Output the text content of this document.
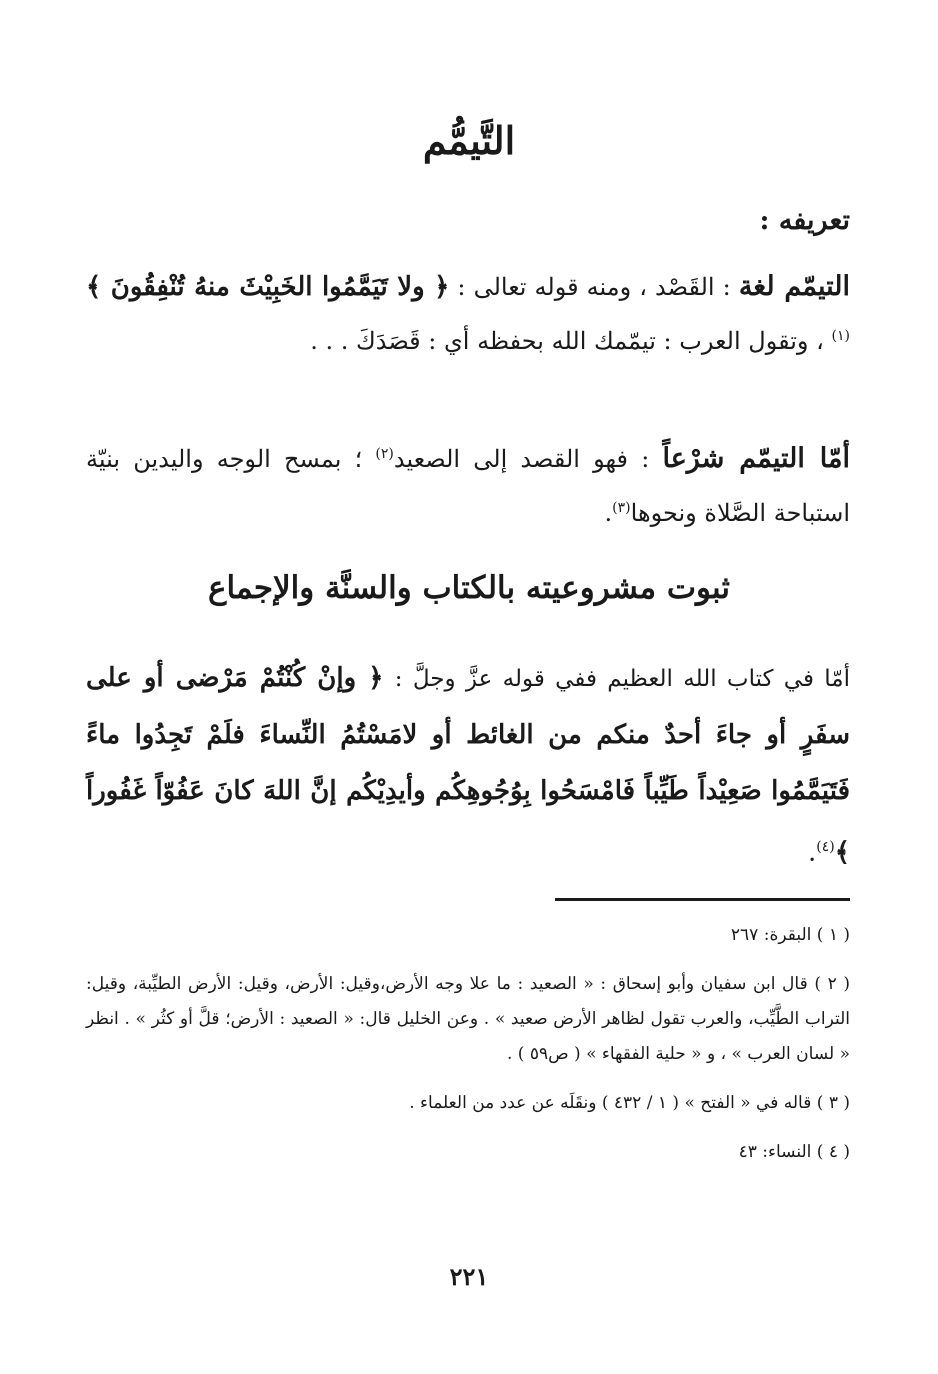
التَّيمُّم
تعريفه :

التيمّم لغة : القَصْد ، ومنه قوله تعالى : ﴿ ولا تَيَمَّمُوا الخَبِيْثَ منهُ تُنْفِقُونَ ﴾$^{(١)}$ ، وتقول العرب : تيمّمك الله بحفظه أي : قَصَدَكَ . . .

أمّا التيمّم شرْعاً : فهو القصد إلى الصعيد$^{(٢)}$ ؛ بمسح الوجه واليدين بنيّة استباحة الصَّلاة ونحوها$^{(٣)}$.

ثبوت مشروعيته بالكتاب والسنَّة والإجماع
أمّا في كتاب الله العظيم ففي قوله عزَّ وجلَّ : ﴿ وإنْ كُنْتُمْ مَرْضى أو على سفَرٍ أو جاءَ أحدٌ منكم من الغائط أو لامَسْتُمُ النِّساءَ فلَمْ تَجِدُوا ماءً فَتَيَمَّمُوا صَعِيْداً طَيِّباً فَامْسَحُوا بِوُجُوهِكُم وأيدِيْكُم إنَّ اللهَ كانَ عَفُوّاً غَفُوراً ﴾$^{(٤)}$.

( ١ ) البقرة: ٢٦٧

( ٢ ) قال ابن سفيان وأبو إسحاق : « الصعيد : ما علا وجه الأرض،وقيل: الأرض، وقيل: الأرض الطيِّبة، وقيل: التراب الطَّيِّب، والعرب تقول لظاهر الأرض صعيد » . وعن الخليل قال: « الصعيد : الأرض؛ قلَّ أو كثُر » . انظر « لسان العرب » ، و « حلية الفقهاء » ( ص٥٩ ) .

( ٣ ) قاله في « الفتح » ( ١ / ٤٣٢ ) ونقَلَه عن عدد من العلماء .

( ٤ ) النساء: ٤٣

٢٢١
